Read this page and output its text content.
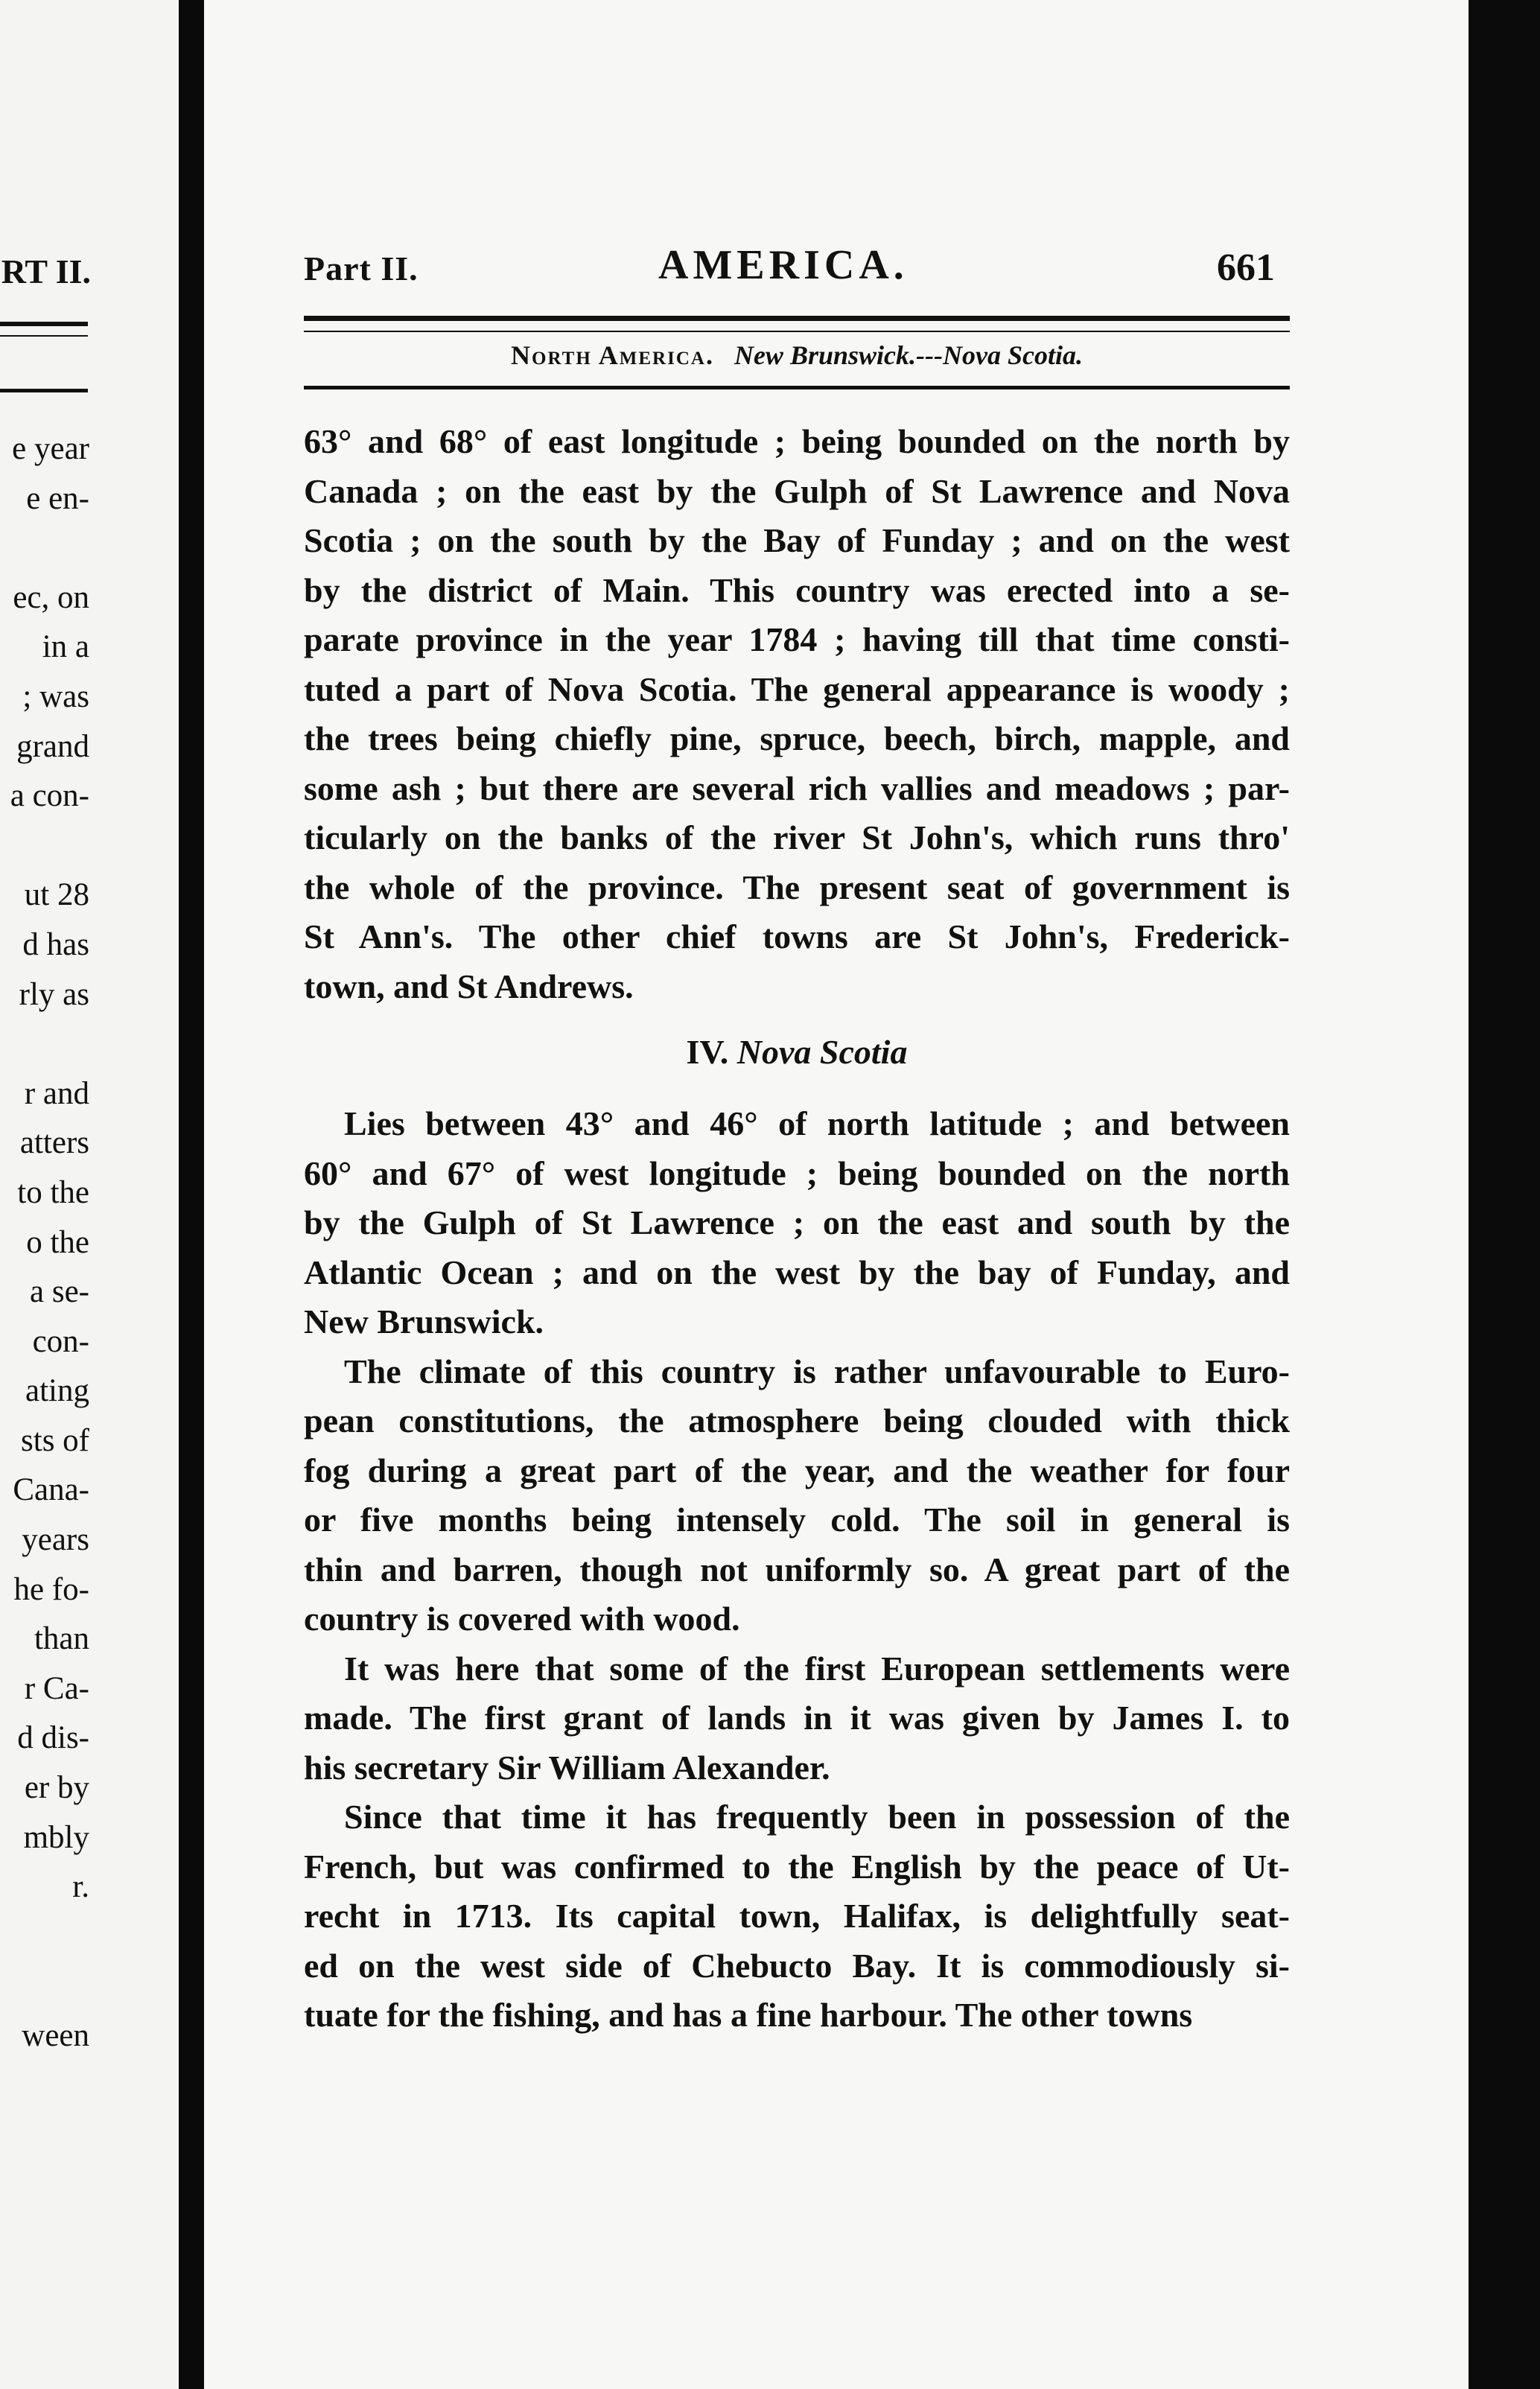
RT II.
e year
e en-

ec, on
in a
; was
grand
a con-

ut 28
d has
rly as

r and
atters
to the
o the
a se-
con-
ating
sts of
Cana-
years
he fo-
than
r Ca-
d dis-
er by
mbly
r.

ween
Part II.	AMERICA.	661
North America. New Brunswick.---Nova Scotia.
63° and 68° of east longitude ; being bounded on the north by
Canada ; on the east by the Gulph of St Lawrence and Nova
Scotia ; on the south by the Bay of Funday ; and on the west
by the district of Main. This country was erected into a se-
parate province in the year 1784 ; having till that time consti-
tuted a part of Nova Scotia. The general appearance is woody ;
the trees being chiefly pine, spruce, beech, birch, mapple, and
some ash ; but there are several rich vallies and meadows ; par-
ticularly on the banks of the river St John's, which runs thro'
the whole of the province. The present seat of government is
St Ann's. The other chief towns are St John's, Frederick-
town, and St Andrews.
IV. Nova Scotia
Lies between 43° and 46° of north latitude ; and between
60° and 67° of west longitude ; being bounded on the north
by the Gulph of St Lawrence ; on the east and south by the
Atlantic Ocean ; and on the west by the bay of Funday, and
New Brunswick.
The climate of this country is rather unfavourable to Euro-
pean constitutions, the atmosphere being clouded with thick
fog during a great part of the year, and the weather for four
or five months being intensely cold. The soil in general is
thin and barren, though not uniformly so. A great part of the
country is covered with wood.
It was here that some of the first European settlements were
made. The first grant of lands in it was given by James I. to
his secretary Sir William Alexander.
Since that time it has frequently been in possession of the
French, but was confirmed to the English by the peace of Ut-
recht in 1713. Its capital town, Halifax, is delightfully seat-
ed on the west side of Chebucto Bay. It is commodiously si-
tuate for the fishing, and has a fine harbour. The other towns
